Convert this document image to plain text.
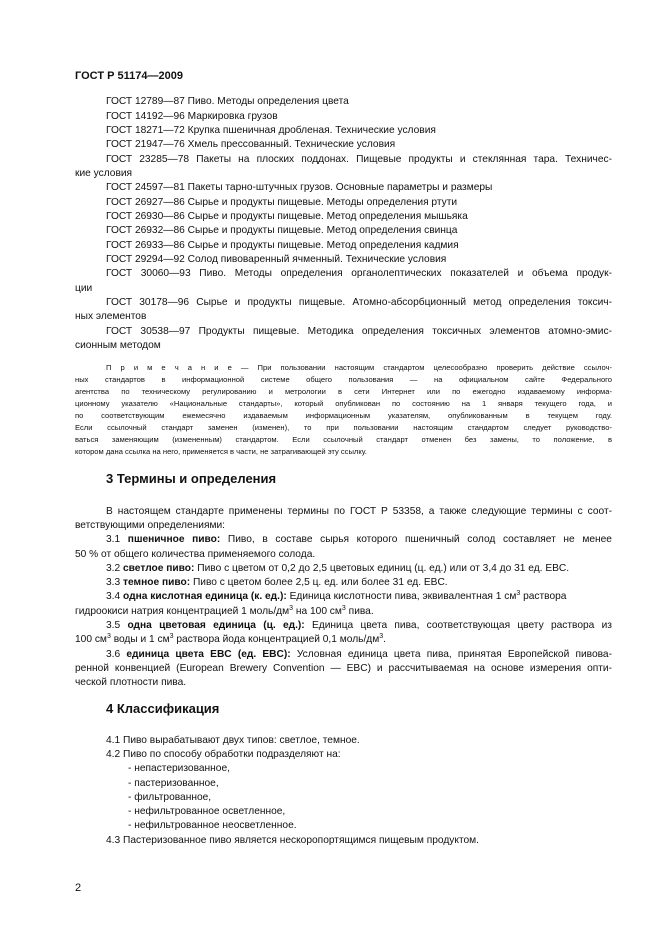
ГОСТ Р 51174—2009
ГОСТ 12789—87 Пиво. Методы определения цвета
ГОСТ 14192—96 Маркировка грузов
ГОСТ 18271—72 Крупка пшеничная дробленая. Технические условия
ГОСТ 21947—76 Хмель прессованный. Технические условия
ГОСТ 23285—78 Пакеты на плоских поддонах. Пищевые продукты и стеклянная тара. Техничес-
кие условия
ГОСТ 24597—81 Пакеты тарно-штучных грузов. Основные параметры и размеры
ГОСТ 26927—86 Сырье и продукты пищевые. Методы определения ртути
ГОСТ 26930—86 Сырье и продукты пищевые. Метод определения мышьяка
ГОСТ 26932—86 Сырье и продукты пищевые. Метод определения свинца
ГОСТ 26933—86 Сырье и продукты пищевые. Метод определения кадмия
ГОСТ 29294—92 Солод пивоваренный ячменный. Технические условия
ГОСТ 30060—93 Пиво. Методы определения органолептических показателей и объема продук-
ции
ГОСТ 30178—96 Сырье и продукты пищевые. Атомно-абсорбционный метод определения токсич-
ных элементов
ГОСТ 30538—97 Продукты пищевые. Методика определения токсичных элементов атомно-эмис-
сионным методом
П р и м е ч а н и е — При пользовании настоящим стандартом целесообразно проверить действие ссылоч-
ных стандартов в информационной системе общего пользования — на официальном сайте Федерального
агентства по техническому регулированию и метрологии в сети Интернет или по ежегодно издаваемому информа-
ционному указателю «Национальные стандарты», который опубликован по состоянию на 1 января текущего года, и
по соответствующим ежемесячно издаваемым информационным указателям, опубликованным в текущем году.
Если ссылочный стандарт заменен (изменен), то при пользовании настоящим стандартом следует руководство-
ваться заменяющим (измененным) стандартом. Если ссылочный стандарт отменен без замены, то положение, в
котором дана ссылка на него, применяется в части, не затрагивающей эту ссылку.
3 Термины и определения
В настоящем стандарте применены термины по ГОСТ Р 53358, а также следующие термины с соот-
ветствующими определениями:
3.1 пшеничное пиво: Пиво, в составе сырья которого пшеничный солод составляет не менее
50 % от общего количества применяемого солода.
3.2 светлое пиво: Пиво с цветом от 0,2 до 2,5 цветовых единиц (ц. ед.) или от 3,4 до 31 ед. EBC.
3.3 темное пиво: Пиво с цветом более 2,5 ц. ед. или более 31 ед. EBC.
3.4 одна кислотная единица (к. ед.): Единица кислотности пива, эквивалентная 1 $см^3$ раствора
гидроокиси натрия концентрацией 1 моль/$дм^3$ на 100 $см^3$ пива.
3.5 одна цветовая единица (ц. ед.): Единица цвета пива, соответствующая цвету раствора из
100 $см^3$ воды и 1 $см^3$ раствора йода концентрацией 0,1 моль/$дм^3$.
3.6 единица цвета EBC (ед. EBC): Условная единица цвета пива, принятая Европейской пивова-
ренной конвенцией (European Brewery Convention — EBC) и рассчитываемая на основе измерения опти-
ческой плотности пива.
4 Классификация
4.1 Пиво вырабатывают двух типов: светлое, темное.
4.2 Пиво по способу обработки подразделяют на:
- непастеризованное,
- пастеризованное,
- фильтрованное,
- нефильтрованное осветленное,
- нефильтрованное неосветленное.
4.3 Пастеризованное пиво является нескоропортящимся пищевым продуктом.
2
